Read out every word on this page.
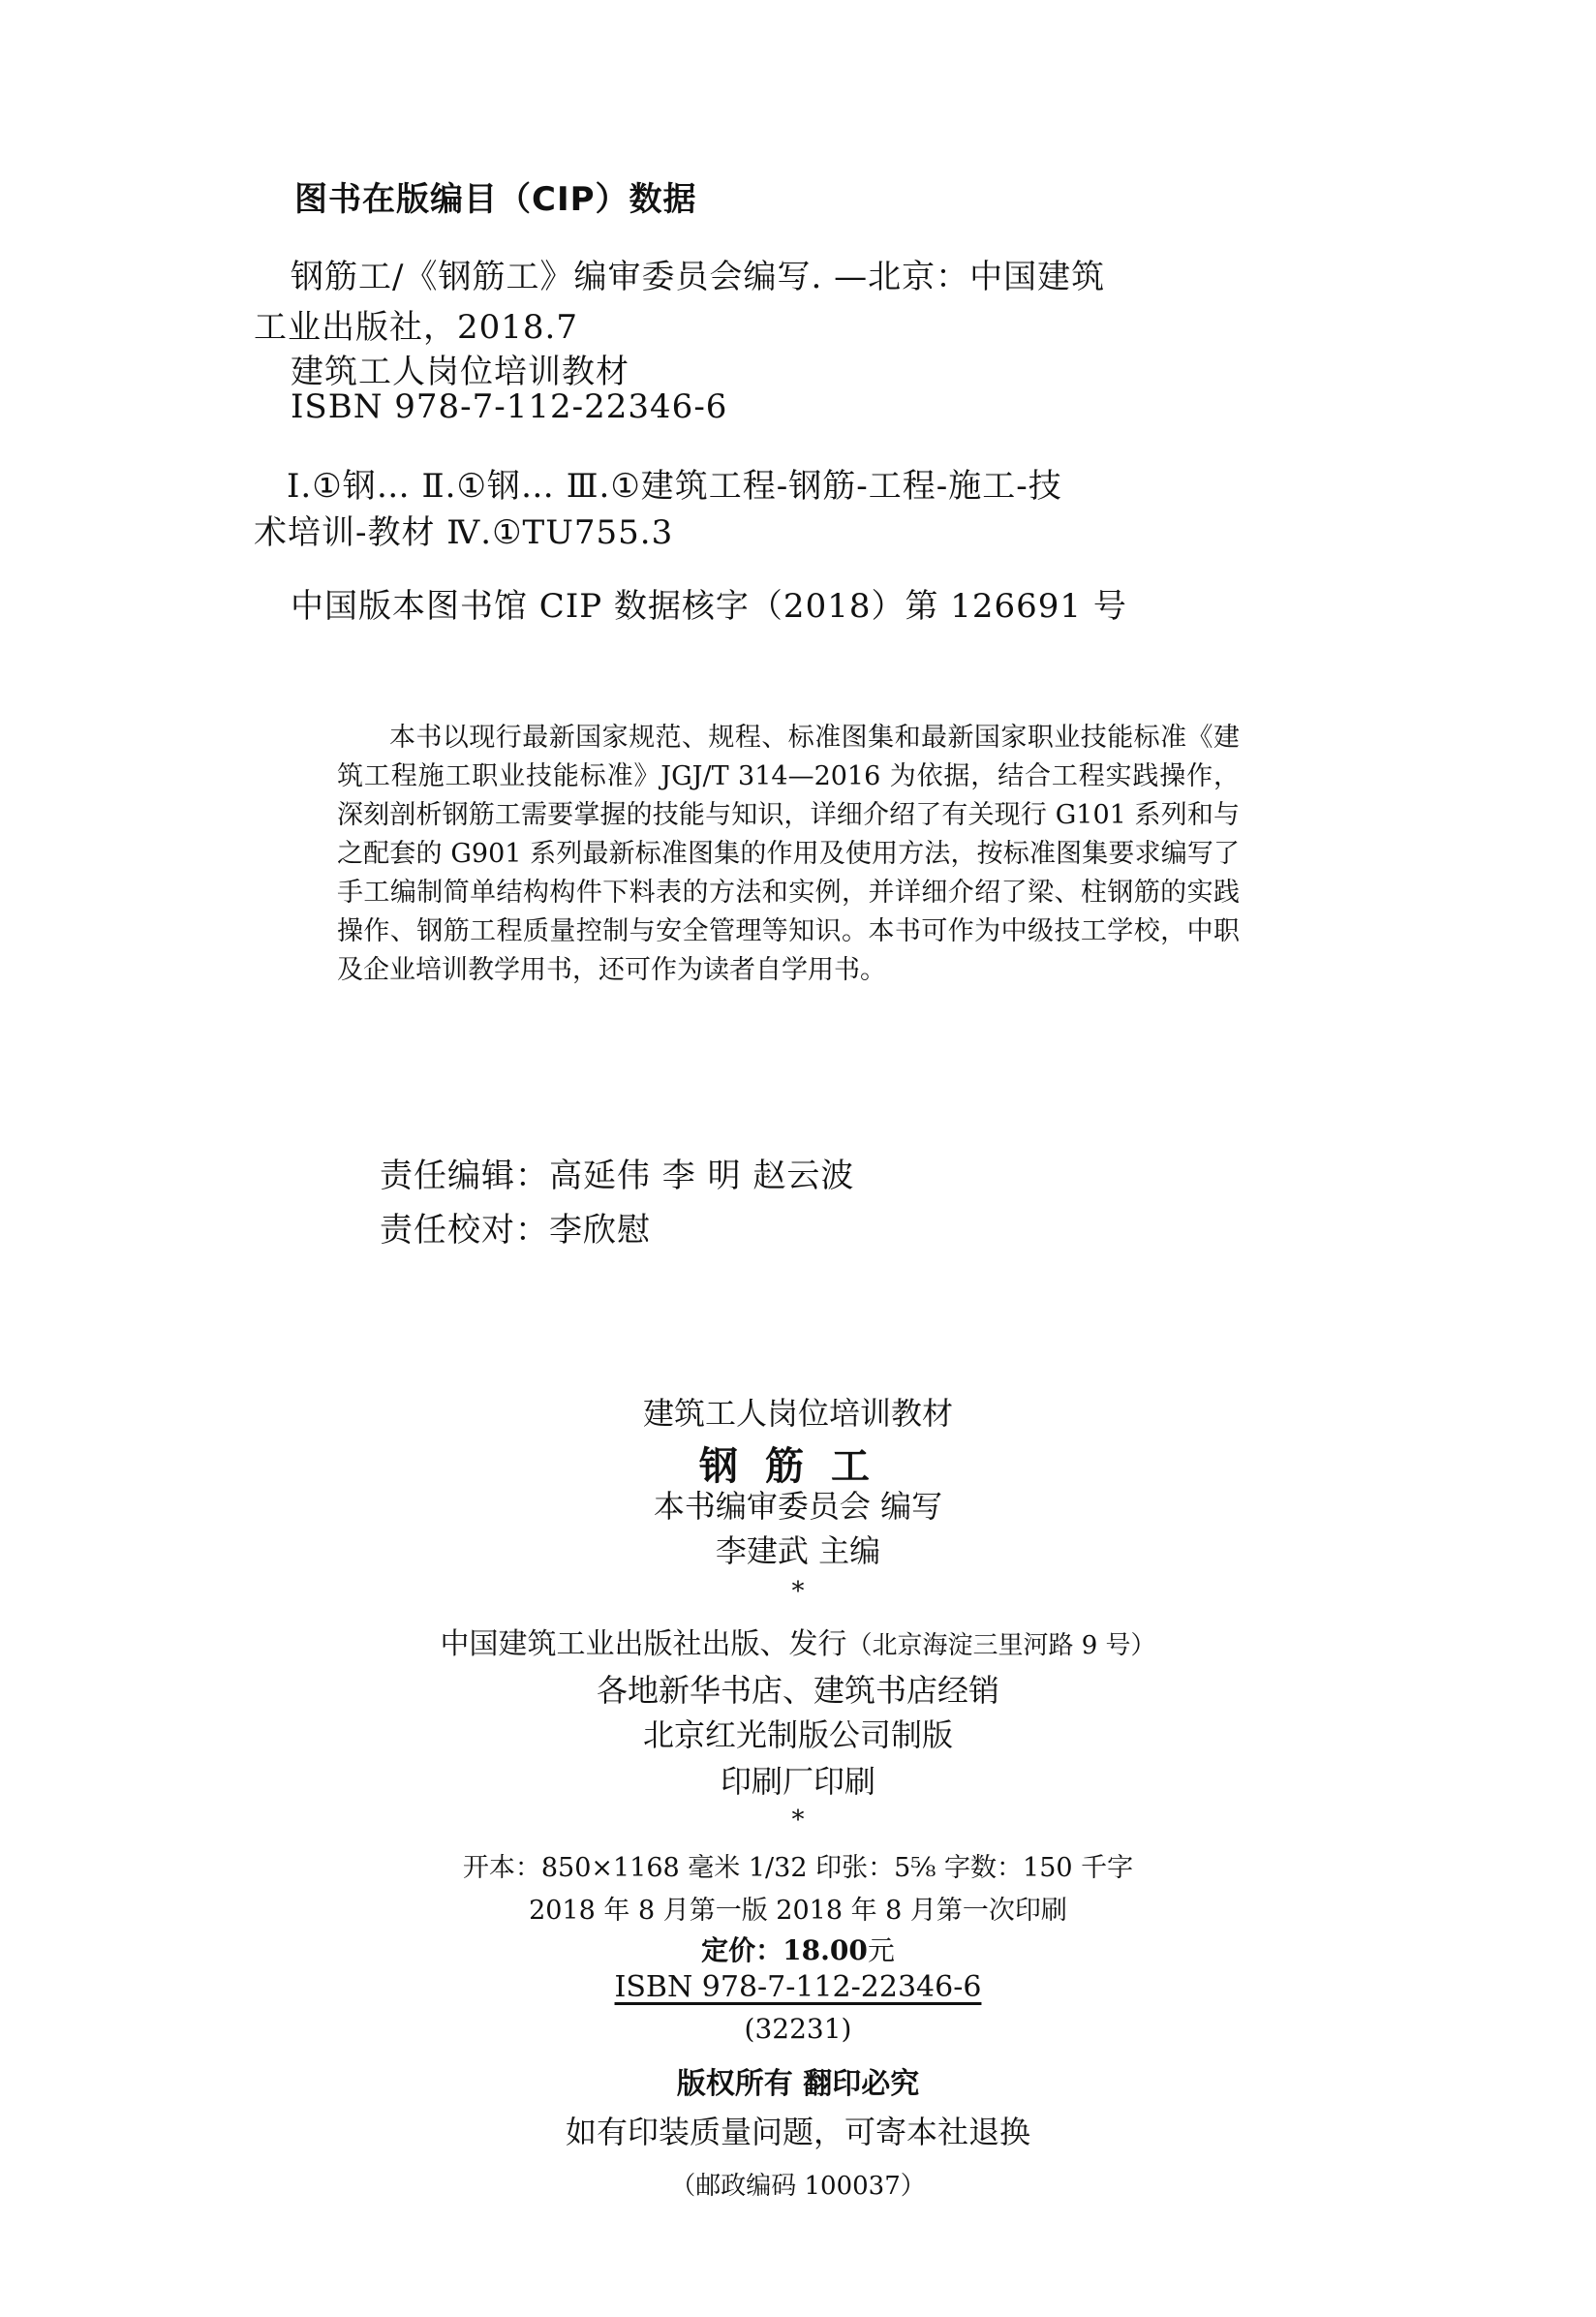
图书在版编目（CIP）数据
钢筋工/《钢筋工》编审委员会编写. —北京：中国建筑
工业出版社，2018.7
建筑工人岗位培训教材
ISBN 978-7-112-22346-6
Ⅰ.①钢… Ⅱ.①钢… Ⅲ.①建筑工程-钢筋-工程-施工-技
术培训-教材 Ⅳ.①TU755.3
中国版本图书馆 CIP 数据核字（2018）第 126691 号

本书以现行最新国家规范、规程、标准图集和最新国家职业技能标准《建筑工程施工职业技能标准》JGJ/T 314—2016 为依据，结合工程实践操作，深刻剖析钢筋工需要掌握的技能与知识，详细介绍了有关现行 G101 系列和与之配套的 G901 系列最新标准图集的作用及使用方法，按标准图集要求编写了手工编制简单结构构件下料表的方法和实例，并详细介绍了梁、柱钢筋的实践操作、钢筋工程质量控制与安全管理等知识。本书可作为中级技工学校，中职及企业培训教学用书，还可作为读者自学用书。

责任编辑：高延伟 李 明 赵云波
责任校对：李欣慰
建筑工人岗位培训教材
钢筋工
本书编审委员会 编写
李建武 主编
*
中国建筑工业出版社出版、发行（北京海淀三里河路 9 号）
各地新华书店、建筑书店经销
北京红光制版公司制版
印刷厂印刷
*
开本：850×1168 毫米 1/32 印张：5⅝ 字数：150 千字
2018 年 8 月第一版 2018 年 8 月第一次印刷
定价：18.00元
ISBN 978-7-112-22346-6
(32231)
版权所有 翻印必究
如有印装质量问题，可寄本社退换
（邮政编码 100037）
